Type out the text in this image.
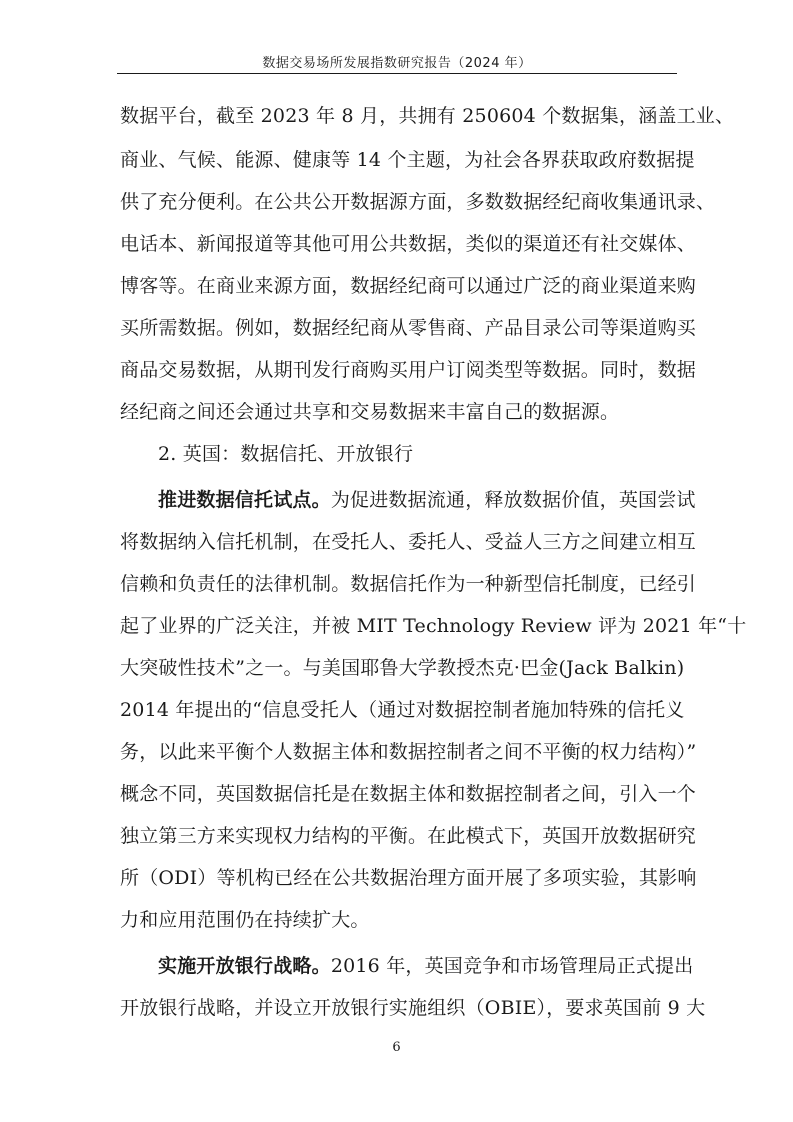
数据交易场所发展指数研究报告（2024 年）
数据平台，截至 2023 年 8 月，共拥有 250604 个数据集，涵盖工业、
商业、气候、能源、健康等 14 个主题，为社会各界获取政府数据提
供了充分便利。在公共公开数据源方面，多数数据经纪商收集通讯录、
电话本、新闻报道等其他可用公共数据，类似的渠道还有社交媒体、
博客等。在商业来源方面，数据经纪商可以通过广泛的商业渠道来购
买所需数据。例如，数据经纪商从零售商、产品目录公司等渠道购买
商品交易数据，从期刊发行商购买用户订阅类型等数据。同时，数据
经纪商之间还会通过共享和交易数据来丰富自己的数据源。
2. 英国：数据信托、开放银行
推进数据信托试点。为促进数据流通，释放数据价值，英国尝试
将数据纳入信托机制，在受托人、委托人、受益人三方之间建立相互
信赖和负责任的法律机制。数据信托作为一种新型信托制度，已经引
起了业界的广泛关注，并被 MIT Technology Review 评为 2021 年“十
大突破性技术”之一。与美国耶鲁大学教授杰克·巴金(Jack Balkin)
2014 年提出的“信息受托人（通过对数据控制者施加特殊的信托义
务，以此来平衡个人数据主体和数据控制者之间不平衡的权力结构）”
概念不同，英国数据信托是在数据主体和数据控制者之间，引入一个
独立第三方来实现权力结构的平衡。在此模式下，英国开放数据研究
所（ODI）等机构已经在公共数据治理方面开展了多项实验，其影响
力和应用范围仍在持续扩大。
实施开放银行战略。2016 年，英国竞争和市场管理局正式提出
开放银行战略，并设立开放银行实施组织（OBIE），要求英国前 9 大
6
